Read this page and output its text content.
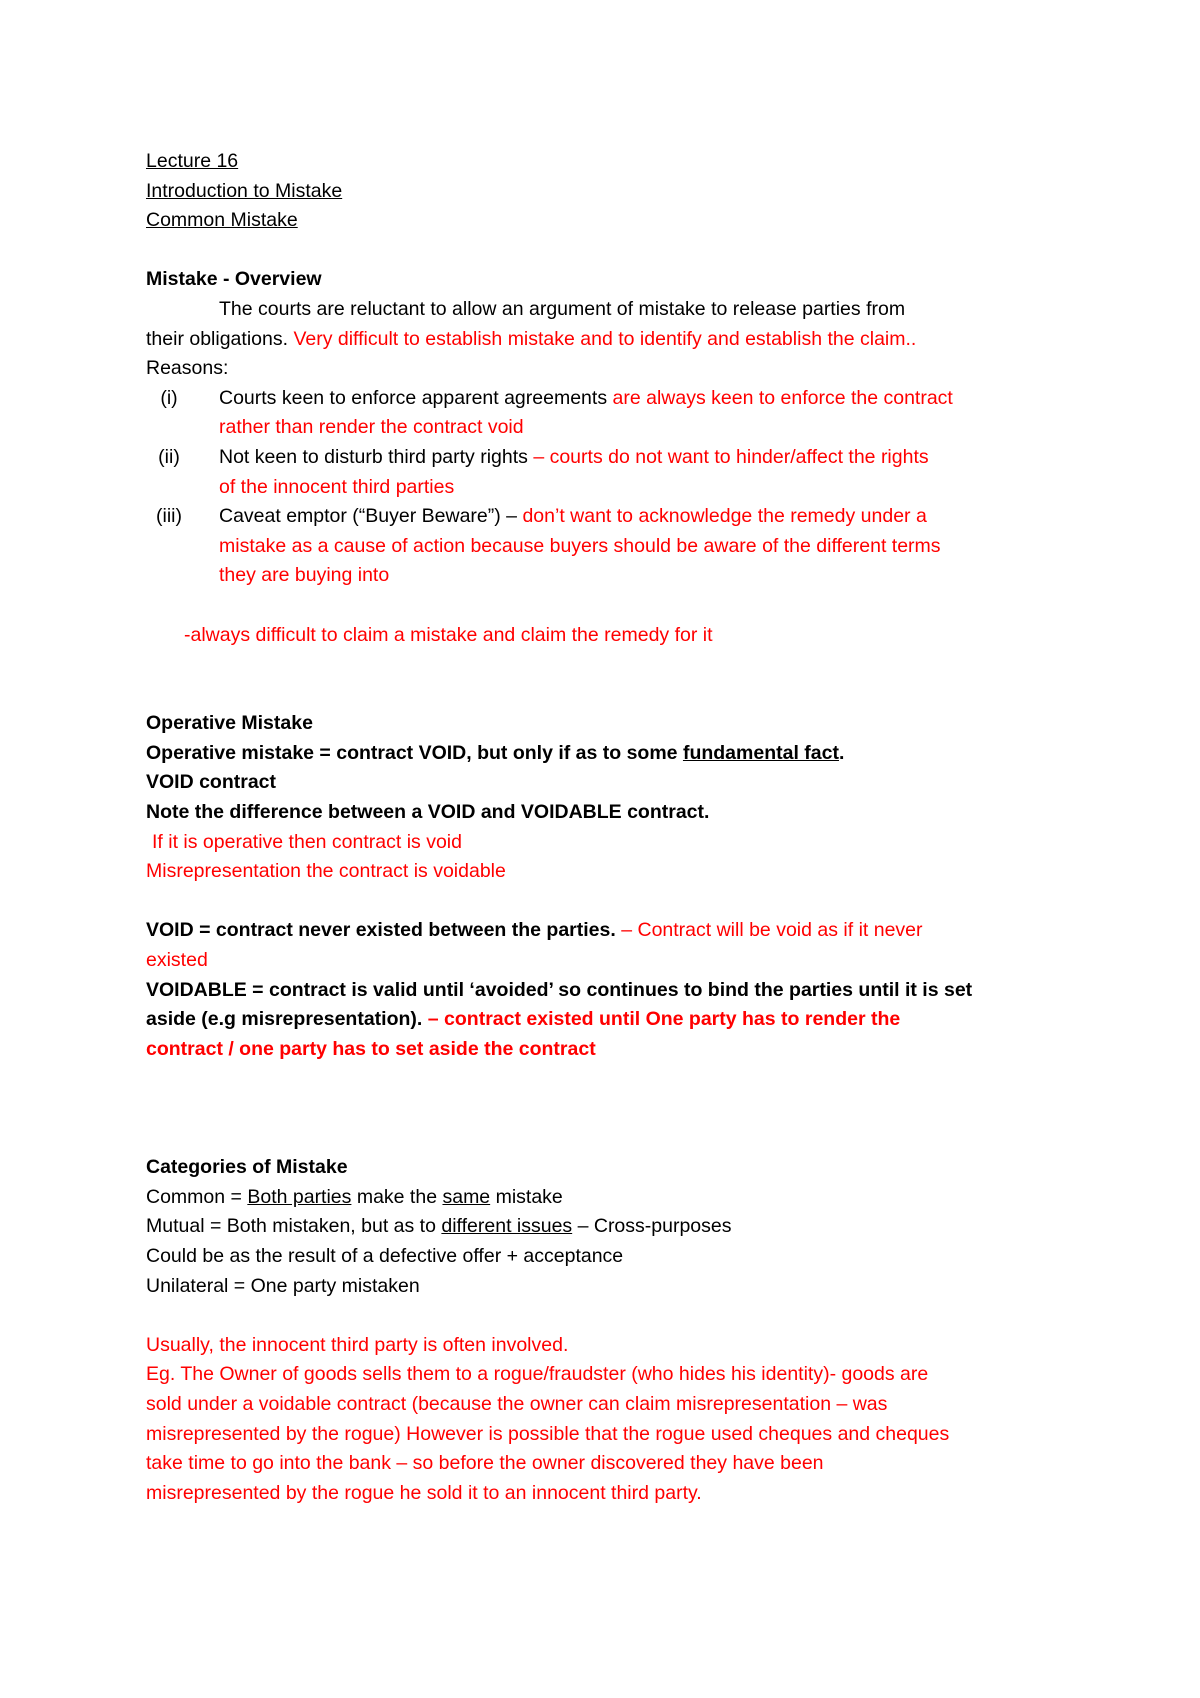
Lecture 16
Introduction to Mistake
Common Mistake
Mistake - Overview
The courts are reluctant to allow an argument of mistake to release parties from
their obligations. Very difficult to establish mistake and to identify and establish the claim..
Reasons:
(i)	Courts keen to enforce apparent agreements are always keen to enforce the contract
rather than render the contract void
(ii)	Not keen to disturb third party rights – courts do not want to hinder/affect the rights
of the innocent third parties
(iii)	Caveat emptor (“Buyer Beware”) – don’t want to acknowledge the remedy under a
mistake as a cause of action because buyers should be aware of the different terms
they are buying into
-always difficult to claim a mistake and claim the remedy for it
Operative Mistake
Operative mistake = contract VOID, but only if as to some fundamental fact.
VOID contract
Note the difference between a VOID and VOIDABLE contract.
If it is operative then contract is void
Misrepresentation the contract is voidable
VOID = contract never existed between the parties. – Contract will be void as if it never
existed
VOIDABLE = contract is valid until ‘avoided’ so continues to bind the parties until it is set
aside (e.g misrepresentation). – contract existed until One party has to render the
contract / one party has to set aside the contract
Categories of Mistake
Common = Both parties make the same mistake
Mutual = Both mistaken, but as to different issues – Cross-purposes
Could be as the result of a defective offer + acceptance
Unilateral = One party mistaken
Usually, the innocent third party is often involved.
Eg. The Owner of goods sells them to a rogue/fraudster (who hides his identity)- goods are
sold under a voidable contract (because the owner can claim misrepresentation – was
misrepresented by the rogue) However is possible that the rogue used cheques and cheques
take time to go into the bank – so before the owner discovered they have been
misrepresented by the rogue he sold it to an innocent third party.
